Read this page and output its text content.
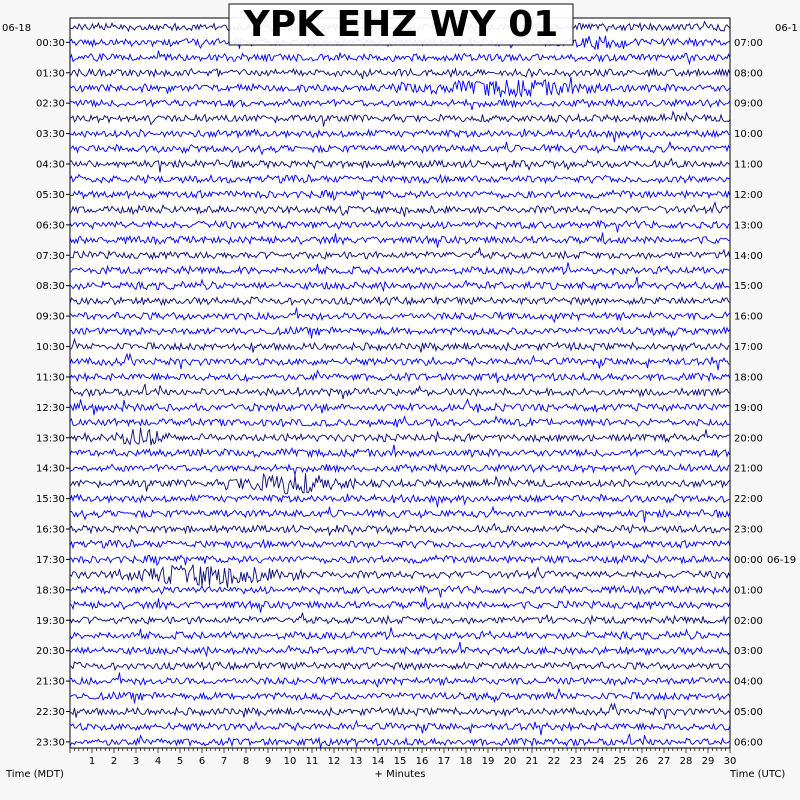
00:30
01:30
02:30
03:30
04:30
05:30
06:30
07:30
08:30
09:30
10:30
11:30
12:30
13:30
14:30
15:30
16:30
17:30
18:30
19:30
20:30
21:30
22:30
23:30
07:00
08:00
09:00
10:00
11:00
12:00
13:00
14:00
15:00
16:00
17:00
18:00
19:00
20:00
21:00
22:00
23:00
00:00 06-19
01:00
02:00
03:00
04:00
05:00
06:00
1 2 3 4 5 6 7 8 9 10 11 12 13 14 15 16 17 18 19 20 21 22 23 24 25 26 27 28 29 30
YPK EHZ WY 01
06-18	06-1
Time (MDT)	+ Minutes	Time (UTC)
